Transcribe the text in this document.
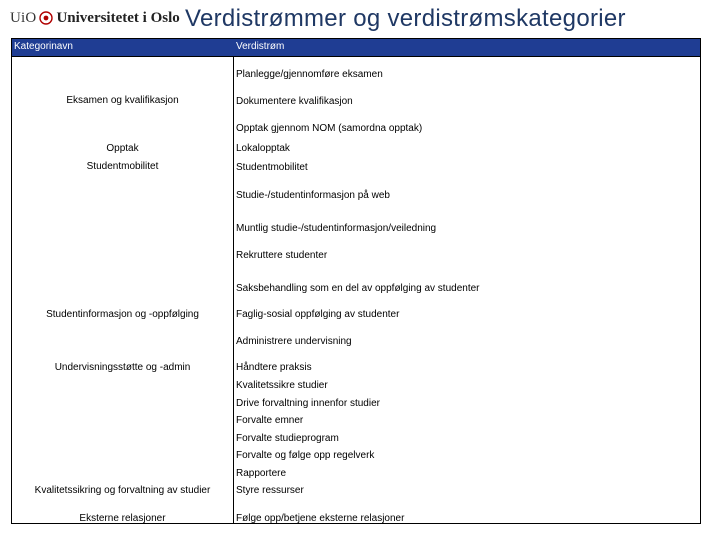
UiO Universitetet i Oslo Verdistrømmer og verdistrømskategorier
Kategorinavn	Verdistrøm
Eksamen og kvalifikasjon
Opptak
Studentmobilitet
Studentinformasjon og -oppfølging
Undervisningsstøtte og -admin
Kvalitetssikring og forvaltning av studier
Eksterne relasjoner
Planlegge/gjennomføre eksamen
Dokumentere kvalifikasjon
Opptak gjennom NOM (samordna opptak)
Lokalopptak
Studentmobilitet
Studie-/studentinformasjon på web
Muntlig studie-/studentinformasjon/veiledning
Rekruttere studenter
Saksbehandling som en del av oppfølging av studenter
Faglig-sosial oppfølging av studenter
Administrere undervisning
Håndtere praksis
Kvalitetssikre studier
Drive forvaltning innenfor studier
Forvalte emner
Forvalte studieprogram
Forvalte og følge opp regelverk
Rapportere
Styre ressurser
Følge opp/betjene eksterne relasjoner
